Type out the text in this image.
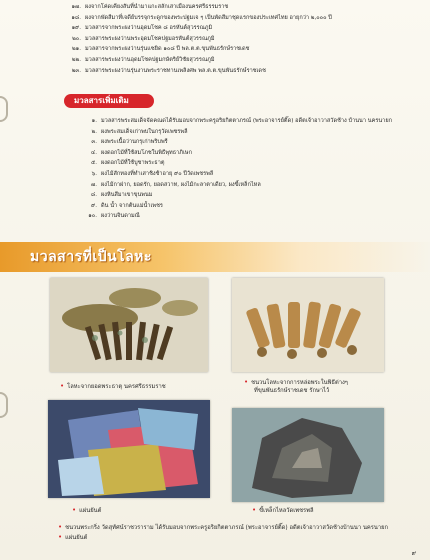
๑๗. ผงจากโค่ดเคียงสันที่นำมาแกะสลักเสาเมืองนครศรีธรรมราช
๑๘. ผงจากพัดสีมาที่เจดีย์บรรจุกระดูกของพระปฐมเจ ๆ เป็นพัดสีมาชุดแรกของประเทศไทย อายุกว่า ๒,๐๐๐ ปี
๑๙. มวลสารจากพระผงว่านอุดมโชค ๘ อรหันต์สุวรรณภูมิ
๒๐. มวลสารพระผงว่านพระอุดมโชคปฐมอรหันต์สุวรรณภูมิ
๒๑. มวลสารจากพระผงว่านรุ่นแซยิด ๑๐๘ ปี พล.ต.ต.ขุนพันธรักษ์ราชเดช
๒๒. มวลสารพระผงว่านอุดมโชคปฐมกษัตริย์วิชัยสุวรรณภูมิ
๒๓. มวลสารพระผงว่านรุ่นงานพระราชทานเพลิงศพ พล.ต.ต.ขุนพันธรักษ์ราชเดช
มวลสารเพิ่มเติม
๑. มวลสารพระสมเด็จจัดคณดได้รับมอบจากพระครูอริยกิตตาภรณ์ (พระอาจารย์ติ๊ด) อดีตเจ้าอาวาสวัดช้าง บ้านนา นครนายก
๒. ผงพระสมเด็จเก่าพบในกรุวัดเพชรพลี
๓. ผงพระเนื้อว่านกรุเก่าพริบพรี
๔. ผงดอกไม้ที่ใช้สมโภชในพิธีพุทธาภิเษก
๕. ผงดอกไม้ที่ใช้บูชาพระธาตุ
๖. ผงไม้สักทองที่ทำเสาชิงช้าอายุ ๙๐ ปีวัดเพชรพลี
๗. ผงไม้กาฝาก, ยอดรัก, ยอดสวาท, ผงไม้กะลาตาเดียว, ผงขี้เหล็กไหล
๘. ผงหินสีมาเขาขุนพนม
๙. ดิน น้ำ จากต้นแม่น้ำเพชร
๑๐. ผงว่านจินดามณี
มวลสารที่เป็นโลหะ
• โลหะจากยอดพระธาตุ นครศรีธรรมราช
• ชนวนโลหะจากการหล่อพระในพิธีต่างๆ
ที่ขุนพันธรักษ์ราชเดช รักษาไว้
• แผ่นยันต์	• ขี้เหล็กไหลวัดเพชรพลี
• ชนวนพระกริ่ง วัดสุทัศน์ราชวราราม ได้รับมอบจากพระครูอริยกิตตาภรณ์ (พระอาจารย์ติ๊ด) อดีตเจ้าอาวาสวัดช้างบ้านนา นครนายก
• แผ่นยันต์
๙
